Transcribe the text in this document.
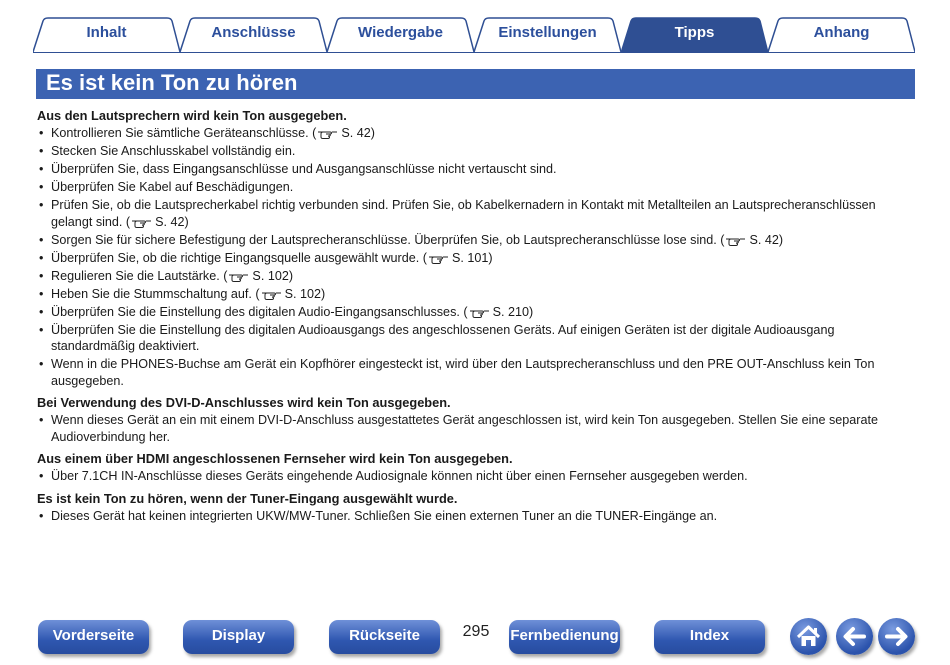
Inhalt	Anschlüsse	Wiedergabe	Einstellungen	Tipps	Anhang
Es ist kein Ton zu hören

Aus den Lautsprechern wird kein Ton ausgegeben.

• Kontrollieren Sie sämtliche Geräteanschlüsse. ( S. 42)
• Stecken Sie Anschlusskabel vollständig ein.
• Überprüfen Sie, dass Eingangsanschlüsse und Ausgangsanschlüsse nicht vertauscht sind.
• Überprüfen Sie Kabel auf Beschädigungen.
• Prüfen Sie, ob die Lautsprecherkabel richtig verbunden sind. Prüfen Sie, ob Kabelkernadern in Kontakt mit Metallteilen an Lautsprecheranschlüssen gelangt sind. ( S. 42)
• Sorgen Sie für sichere Befestigung der Lautsprecheranschlüsse. Überprüfen Sie, ob Lautsprecheranschlüsse lose sind. ( S. 42)
• Überprüfen Sie, ob die richtige Eingangsquelle ausgewählt wurde. ( S. 101)
• Regulieren Sie die Lautstärke. ( S. 102)
• Heben Sie die Stummschaltung auf. ( S. 102)
• Überprüfen Sie die Einstellung des digitalen Audio-Eingangsanschlusses. ( S. 210)
• Überprüfen Sie die Einstellung des digitalen Audioausgangs des angeschlossenen Geräts. Auf einigen Geräten ist der digitale Audioausgang standardmäßig deaktiviert.
• Wenn in die PHONES-Buchse am Gerät ein Kopfhörer eingesteckt ist, wird über den Lautsprecheranschluss und den PRE OUT-Anschluss kein Ton ausgegeben.

Bei Verwendung des DVI-D-Anschlusses wird kein Ton ausgegeben.

• Wenn dieses Gerät an ein mit einem DVI-D-Anschluss ausgestattetes Gerät angeschlossen ist, wird kein Ton ausgegeben. Stellen Sie eine separate Audioverbindung her.

Aus einem über HDMI angeschlossenen Fernseher wird kein Ton ausgegeben.

• Über 7.1CH IN-Anschlüsse dieses Geräts eingehende Audiosignale können nicht über einen Fernseher ausgegeben werden.

Es ist kein Ton zu hören, wenn der Tuner-Eingang ausgewählt wurde.

• Dieses Gerät hat keinen integrierten UKW/MW-Tuner. Schließen Sie einen externen Tuner an die TUNER-Eingänge an.
Vorderseite	Display	Rückseite	295	Fernbedienung	Index
